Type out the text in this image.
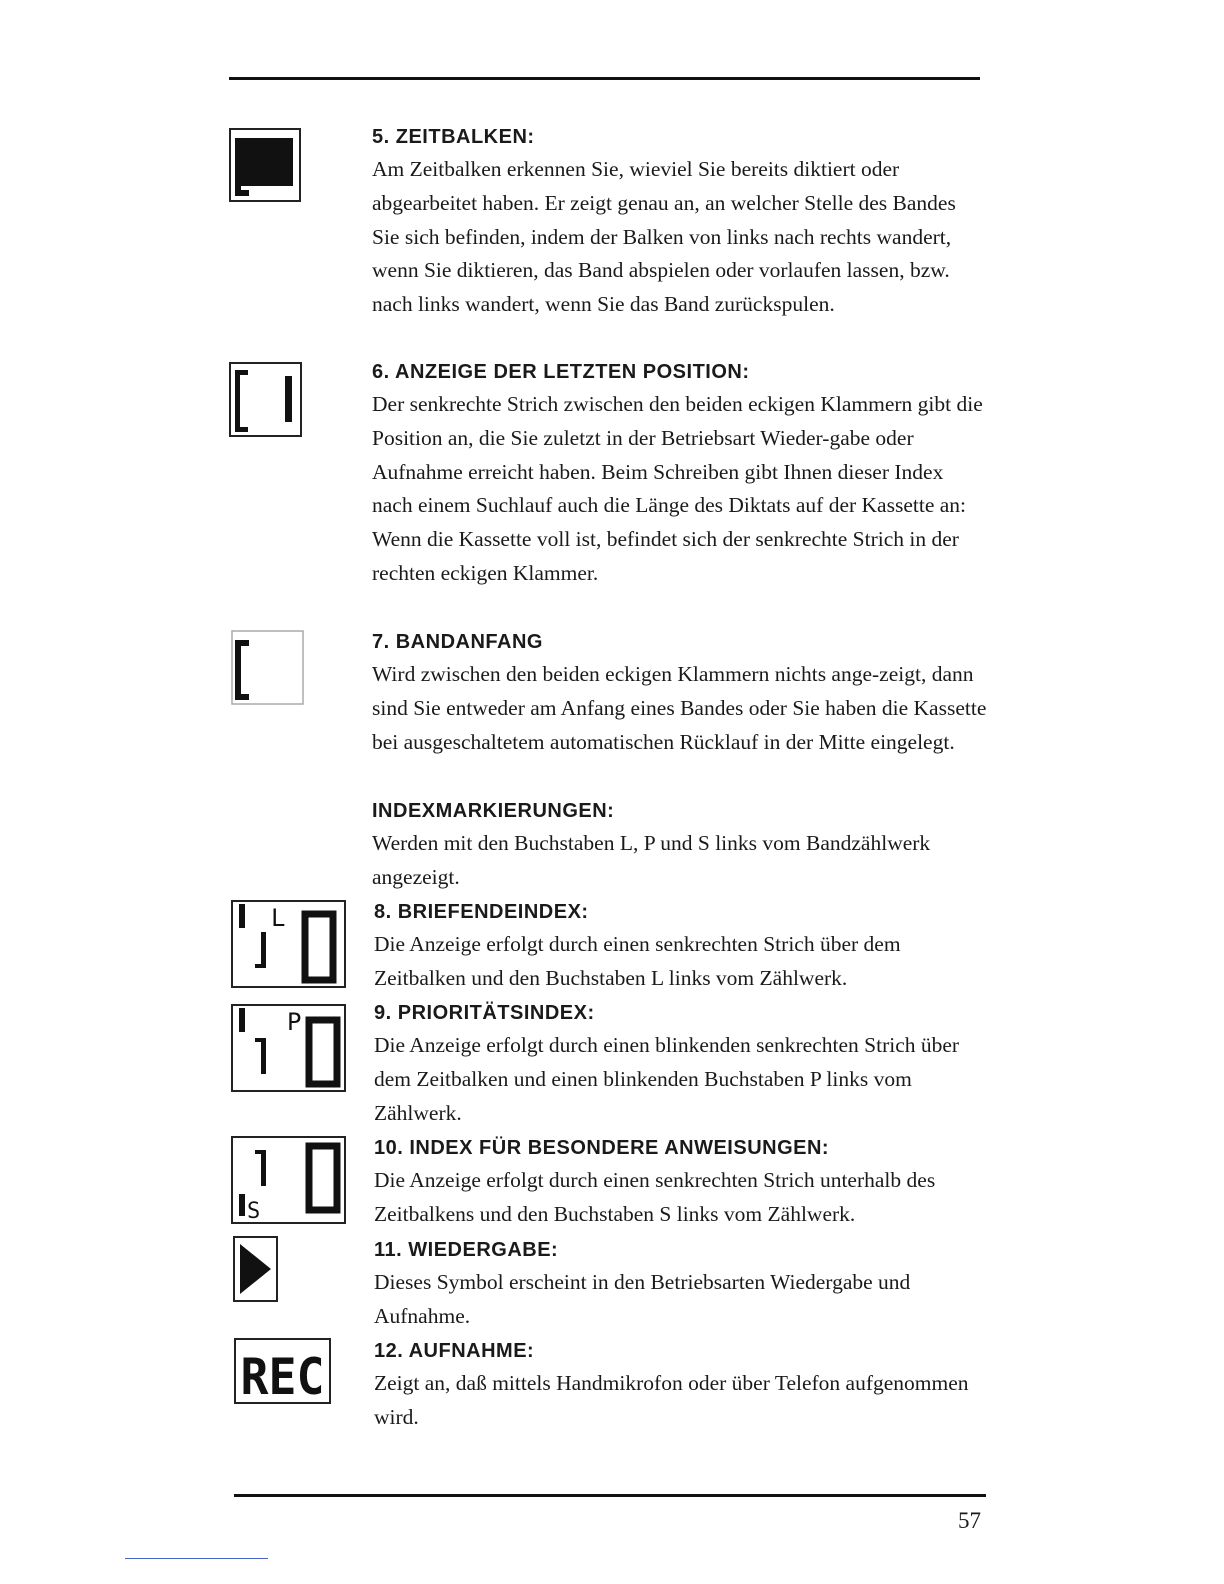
L
P
S
REC
5. ZEITBALKEN:

Am Zeitbalken erkennen Sie, wieviel Sie bereits diktiert oder abgearbeitet haben. Er zeigt genau an, an welcher Stelle des Bandes Sie sich befinden, indem der Balken von links nach rechts wandert, wenn Sie diktieren, das Band abspielen oder vorlaufen lassen, bzw. nach links wandert, wenn Sie das Band zurückspulen.

6. ANZEIGE DER LETZTEN POSITION:

Der senkrechte Strich zwischen den beiden eckigen Klammern gibt die Position an, die Sie zuletzt in der Betriebsart Wieder-gabe oder Aufnahme erreicht haben. Beim Schreiben gibt Ihnen dieser Index nach einem Suchlauf auch die Länge des Diktats auf der Kassette an: Wenn die Kassette voll ist, befindet sich der senkrechte Strich in der rechten eckigen Klammer.

7. BANDANFANG

Wird zwischen den beiden eckigen Klammern nichts ange-zeigt, dann sind Sie entweder am Anfang eines Bandes oder Sie haben die Kassette bei ausgeschaltetem automatischen Rücklauf in der Mitte eingelegt.

INDEXMARKIERUNGEN:

Werden mit den Buchstaben L, P und S links vom Bandzählwerk angezeigt.

8. BRIEFENDEINDEX:

Die Anzeige erfolgt durch einen senkrechten Strich über dem Zeitbalken und den Buchstaben L links vom Zählwerk.

9. PRIORITÄTSINDEX:

Die Anzeige erfolgt durch einen blinkenden senkrechten Strich über dem Zeitbalken und einen blinkenden Buchstaben P links vom Zählwerk.

10. INDEX FÜR BESONDERE ANWEISUNGEN:

Die Anzeige erfolgt durch einen senkrechten Strich unterhalb des Zeitbalkens und den Buchstaben S links vom Zählwerk.

11. WIEDERGABE:

Dieses Symbol erscheint in den Betriebsarten Wiedergabe und Aufnahme.

12. AUFNAHME:

Zeigt an, daß mittels Handmikrofon oder über Telefon aufgenommen wird.

57
